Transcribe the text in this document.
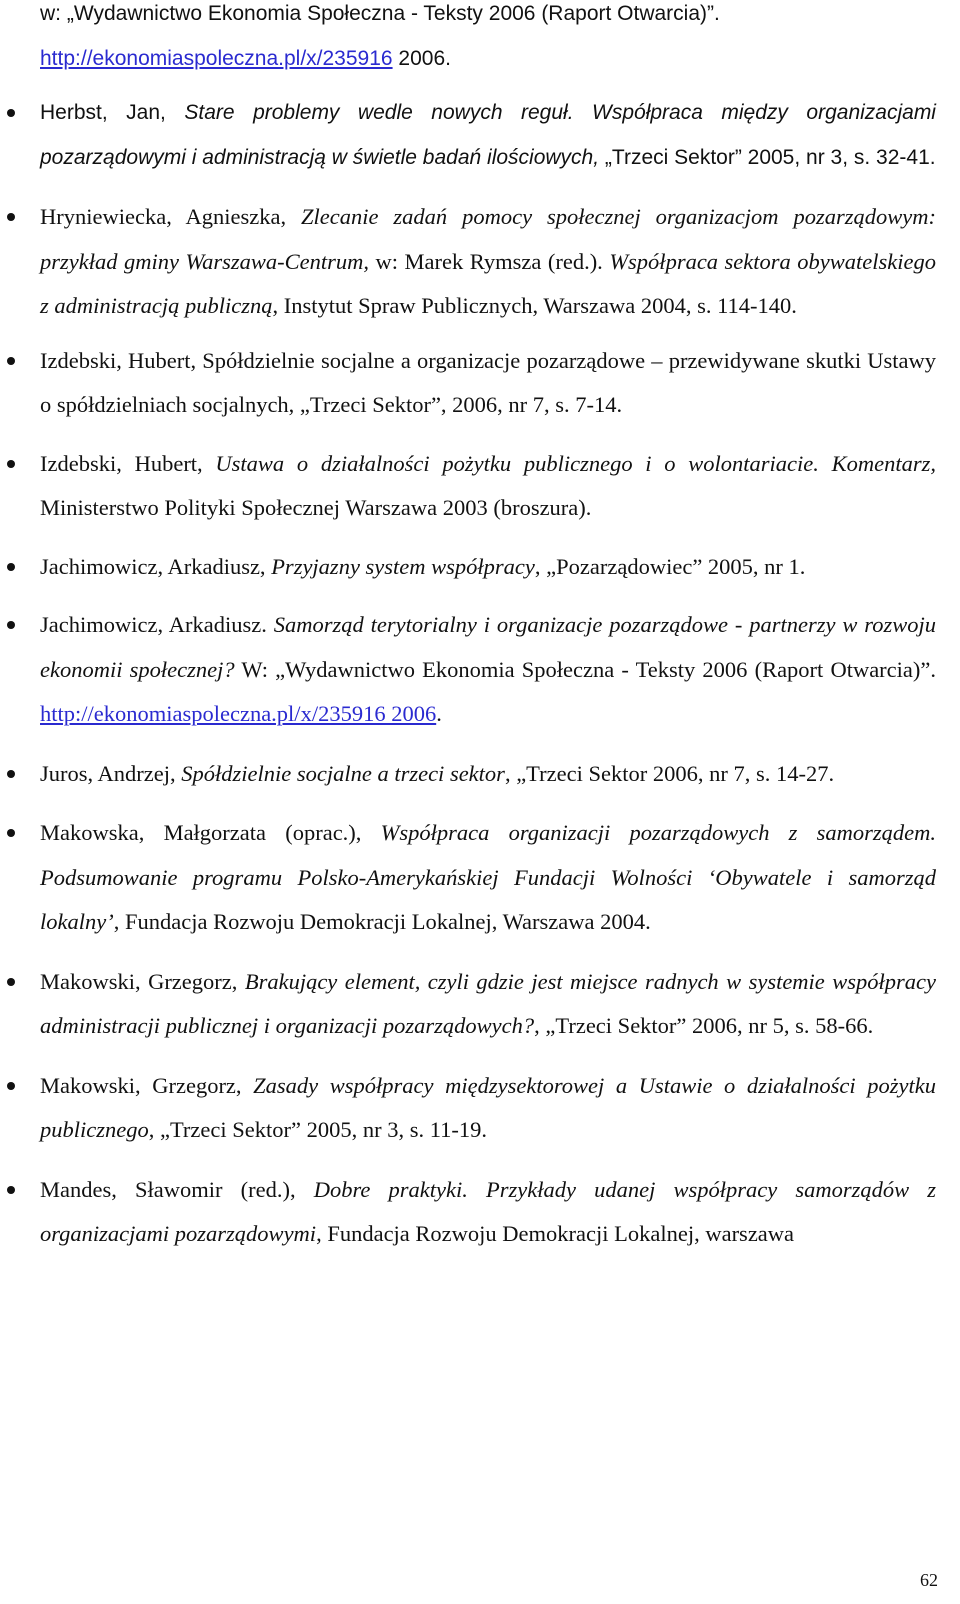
w: „Wydawnictwo Ekonomia Społeczna - Teksty 2006 (Raport Otwarcia)”.
http://ekonomiaspoleczna.pl/x/235916 2006.

Herbst, Jan, Stare problemy wedle nowych reguł. Współpraca między organizacjami pozarządowymi i administracją w świetle badań ilościowych, „Trzeci Sektor” 2005, nr 3, s. 32-41.
Hryniewiecka, Agnieszka, Zlecanie zadań pomocy społecznej organizacjom pozarządowym: przykład gminy Warszawa-Centrum, w: Marek Rymsza (red.). Współpraca sektora obywatelskiego z administracją publiczną, Instytut Spraw Publicznych, Warszawa 2004, s. 114-140.
Izdebski, Hubert, Spółdzielnie socjalne a organizacje pozarządowe – przewidywane skutki Ustawy o spółdzielniach socjalnych, „Trzeci Sektor”, 2006, nr 7, s. 7-14.
Izdebski, Hubert, Ustawa o działalności pożytku publicznego i o wolontariacie. Komentarz, Ministerstwo Polityki Społecznej Warszawa 2003 (broszura).
Jachimowicz, Arkadiusz, Przyjazny system współpracy, „Pozarządowiec” 2005, nr 1.
Jachimowicz, Arkadiusz. Samorząd terytorialny i organizacje pozarządowe - partnerzy w rozwoju ekonomii społecznej? W: „Wydawnictwo Ekonomia Społeczna - Teksty 2006 (Raport Otwarcia)”. http://ekonomiaspoleczna.pl/x/235916 2006.
Juros, Andrzej, Spółdzielnie socjalne a trzeci sektor, „Trzeci Sektor 2006, nr 7, s. 14-27.
Makowska, Małgorzata (oprac.), Współpraca organizacji pozarządowych z samorządem. Podsumowanie programu Polsko-Amerykańskiej Fundacji Wolności ‘Obywatele i samorząd lokalny’, Fundacja Rozwoju Demokracji Lokalnej, Warszawa 2004.
Makowski, Grzegorz, Brakujący element, czyli gdzie jest miejsce radnych w systemie współpracy administracji publicznej i organizacji pozarządowych?, „Trzeci Sektor” 2006, nr 5, s. 58-66.
Makowski, Grzegorz, Zasady współpracy międzysektorowej a Ustawie o działalności pożytku publicznego, „Trzeci Sektor” 2005, nr 3, s. 11-19.
Mandes, Sławomir (red.), Dobre praktyki. Przykłady udanej współpracy samorządów z organizacjami pozarządowymi, Fundacja Rozwoju Demokracji Lokalnej, warszawa
62
